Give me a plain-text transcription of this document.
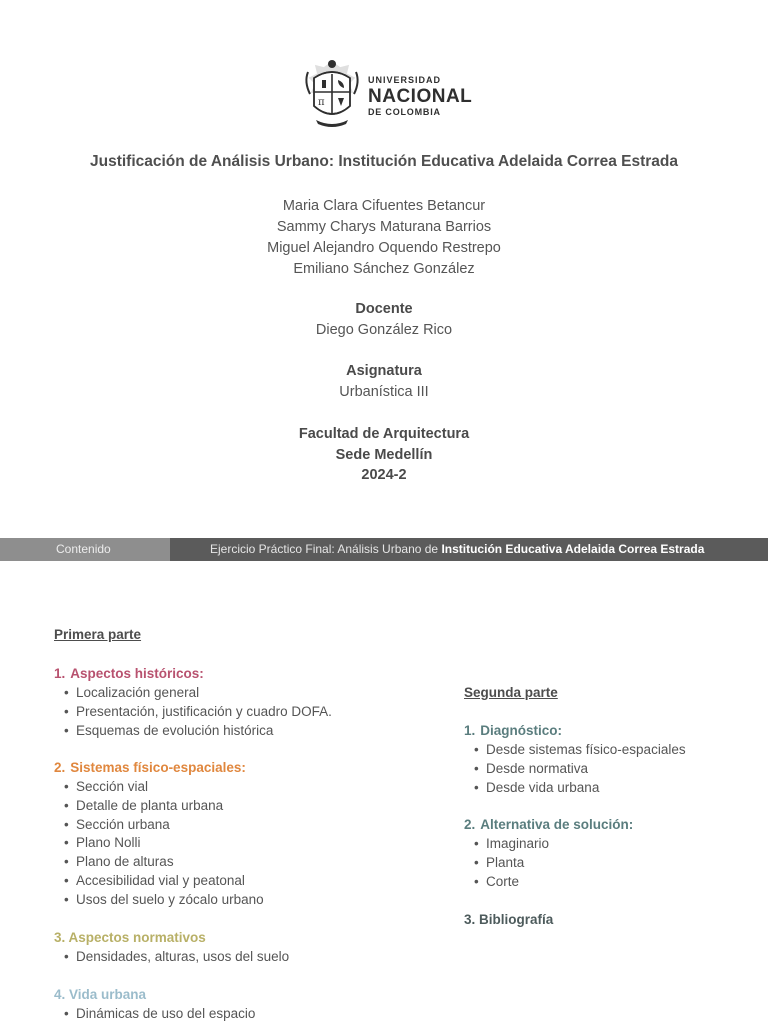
π
UNIVERSIDAD
NACIONAL
DE COLOMBIA
Justificación de Análisis Urbano: Institución Educativa Adelaida Correa Estrada
Maria Clara Cifuentes Betancur
Sammy Charys Maturana Barrios
Miguel Alejandro Oquendo Restrepo
Emiliano Sánchez González
Docente
Diego González Rico
Asignatura
Urbanística III
Facultad de Arquitectura
Sede Medellín
2024-2
Contenido	Ejercicio Práctico Final: Análisis Urbano de Institución Educativa Adelaida Correa Estrada
Primera parte
1. Aspectos históricos:
• Localización general
• Presentación, justificación y cuadro DOFA.
• Esquemas de evolución histórica
2. Sistemas físico-espaciales:
• Sección vial
• Detalle de planta urbana
• Sección urbana
• Plano Nolli
• Plano de alturas
• Accesibilidad vial y peatonal
• Usos del suelo y zócalo urbano
3. Aspectos normativos
• Densidades, alturas, usos del suelo
4. Vida urbana
• Dinámicas de uso del espacio
Segunda parte
1. Diagnóstico:
• Desde sistemas físico-espaciales
• Desde normativa
• Desde vida urbana
2. Alternativa de solución:
• Imaginario
• Planta
• Corte
3. Bibliografía
